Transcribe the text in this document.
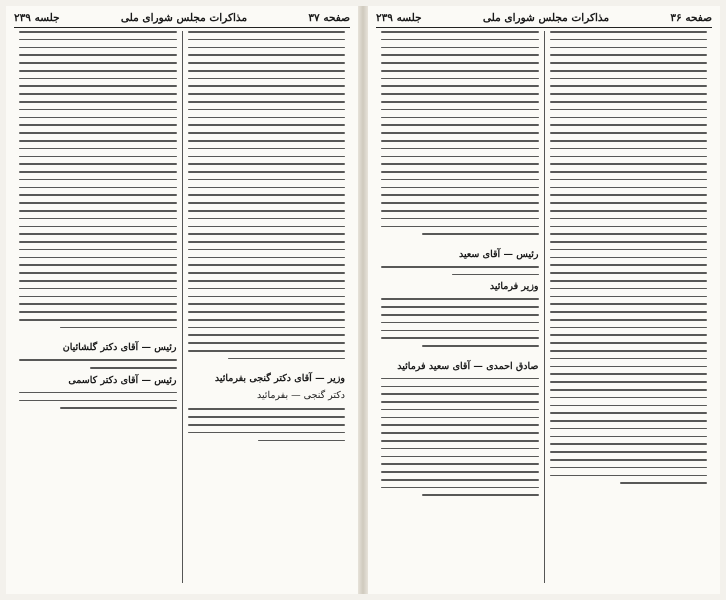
صفحه ۳۷
مذاکرات مجلس شورای ملی
جلسه ۲۳۹
وزیر — آقای دکتر گنجی بفرمائید
دکتر گنجی — بفرمائید
رئیس — آقای دکتر گلشائیان
رئیس — آقای دکتر کاسمی
صفحه ۳۶
مذاکرات مجلس شورای ملی
جلسه ۲۳۹
رئیس — آقای سعید
وزیر فرمائید
صادق احمدی — آقای سعید فرمائید
